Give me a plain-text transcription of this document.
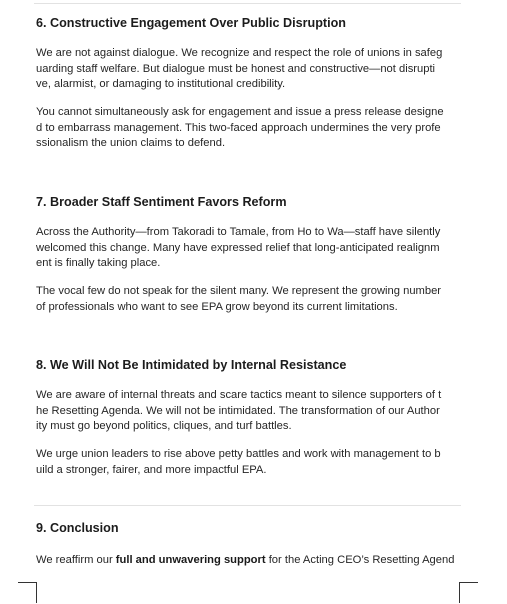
6. Constructive Engagement Over Public Disruption

We are not against dialogue. We recognize and respect the role of unions in safeg
uarding staff welfare. But dialogue must be honest and constructive—not disrupti
ve, alarmist, or damaging to institutional credibility.

You cannot simultaneously ask for engagement and issue a press release designe
d to embarrass management. This two-faced approach undermines the very profe
ssionalism the union claims to defend.

7. Broader Staff Sentiment Favors Reform

Across the Authority—from Takoradi to Tamale, from Ho to Wa—staff have silently
welcomed this change. Many have expressed relief that long-anticipated realignm
ent is finally taking place.

The vocal few do not speak for the silent many. We represent the growing number
of professionals who want to see EPA grow beyond its current limitations.

8. We Will Not Be Intimidated by Internal Resistance

We are aware of internal threats and scare tactics meant to silence supporters of t
he Resetting Agenda. We will not be intimidated. The transformation of our Author
ity must go beyond politics, cliques, and turf battles.

We urge union leaders to rise above petty battles and work with management to b
uild a stronger, fairer, and more impactful EPA.

9. Conclusion

We reaffirm our full and unwavering support for the Acting CEO’s Resetting Agend
